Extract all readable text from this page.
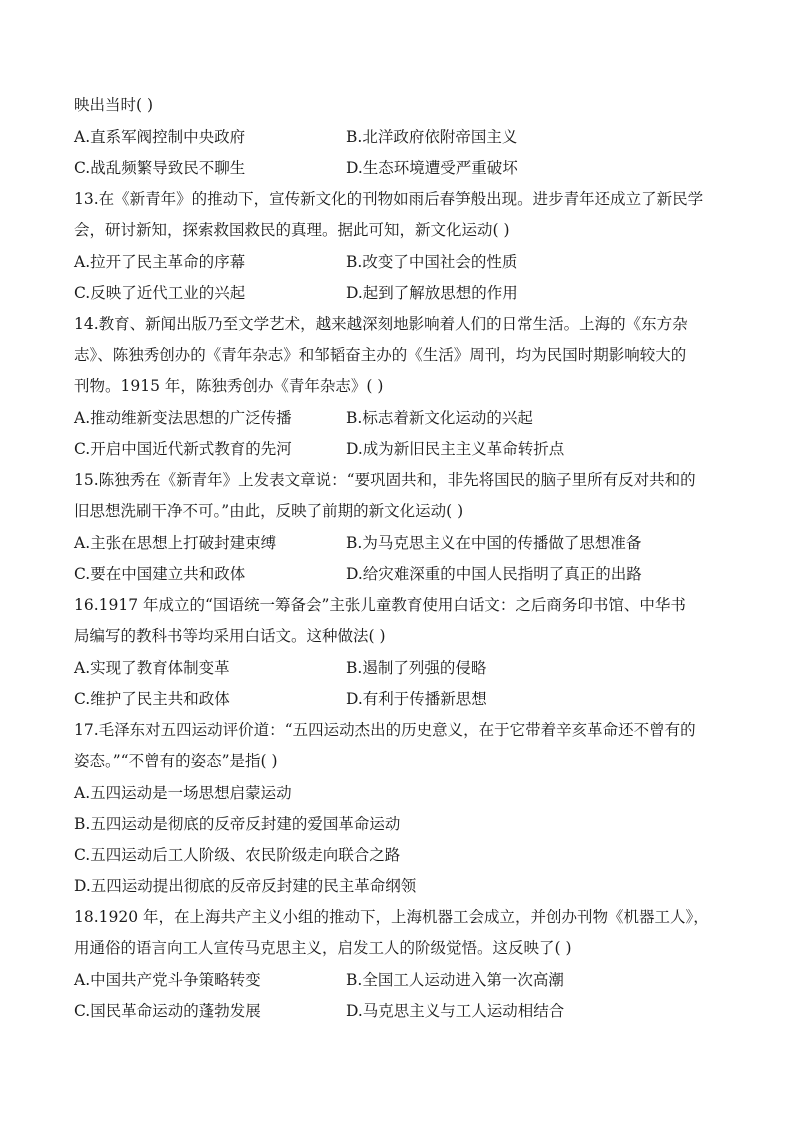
映出当时( )
A.直系军阀控制中央政府	B.北洋政府依附帝国主义
C.战乱频繁导致民不聊生	D.生态环境遭受严重破坏
13.在《新青年》的推动下，宣传新文化的刊物如雨后春笋般出现。进步青年还成立了新民学
会，研讨新知，探索救国救民的真理。据此可知，新文化运动( )
A.拉开了民主革命的序幕	B.改变了中国社会的性质
C.反映了近代工业的兴起	D.起到了解放思想的作用
14.教育、新闻出版乃至文学艺术，越来越深刻地影响着人们的日常生活。上海的《东方杂
志》、陈独秀创办的《青年杂志》和邹韬奋主办的《生活》周刊，均为民国时期影响较大的
刊物。1915 年，陈独秀创办《青年杂志》( )
A.推动维新变法思想的广泛传播	B.标志着新文化运动的兴起
C.开启中国近代新式教育的先河	D.成为新旧民主主义革命转折点
15.陈独秀在《新青年》上发表文章说：“要巩固共和，非先将国民的脑子里所有反对共和的
旧思想洗刷干净不可。”由此，反映了前期的新文化运动( )
A.主张在思想上打破封建束缚	B.为马克思主义在中国的传播做了思想准备
C.要在中国建立共和政体	D.给灾难深重的中国人民指明了真正的出路
16.1917 年成立的“国语统一筹备会”主张儿童教育使用白话文：之后商务印书馆、中华书
局编写的教科书等均采用白话文。这种做法( )
A.实现了教育体制变革	B.遏制了列强的侵略
C.维护了民主共和政体	D.有利于传播新思想
17.毛泽东对五四运动评价道：“五四运动杰出的历史意义，在于它带着辛亥革命还不曾有的
姿态。”“不曾有的姿态”是指( )
A.五四运动是一场思想启蒙运动
B.五四运动是彻底的反帝反封建的爱国革命运动
C.五四运动后工人阶级、农民阶级走向联合之路
D.五四运动提出彻底的反帝反封建的民主革命纲领
18.1920 年，在上海共产主义小组的推动下，上海机器工会成立，并创办刊物《机器工人》，
用通俗的语言向工人宣传马克思主义，启发工人的阶级觉悟。这反映了( )
A.中国共产党斗争策略转变	B.全国工人运动进入第一次高潮
C.国民革命运动的蓬勃发展	D.马克思主义与工人运动相结合
